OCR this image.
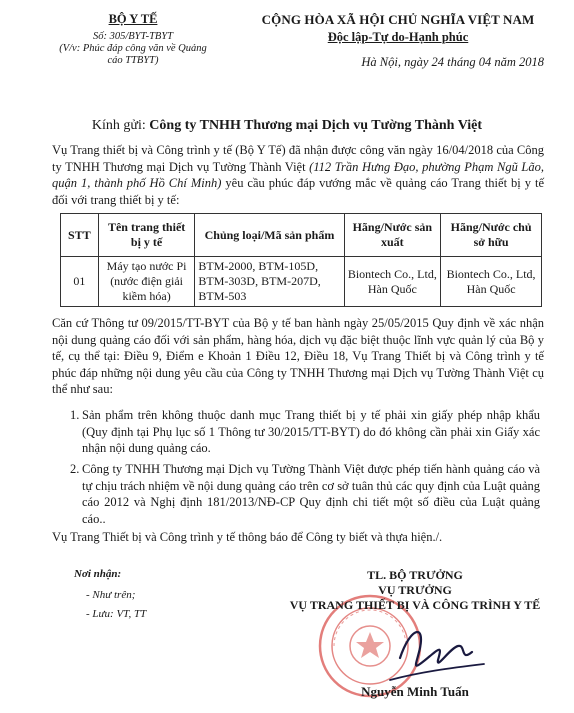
BỘ Y TẾ
Số: 305/BYT-TBYT
(V/v: Phúc đáp công văn về Quảng
cáo TTBYT)
CỘNG HÒA XÃ HỘI CHỦ NGHĨA VIỆT NAM
Độc lập-Tự do-Hạnh phúc
Hà Nội, ngày 24 tháng 04 năm 2018
Kính gửi: Công ty TNHH Thương mại Dịch vụ Tường Thành Việt
Vụ Trang thiết bị và Công trình y tế (Bộ Y Tế) đã nhận được công văn ngày 16/04/2018 của Công ty TNHH Thương mại Dịch vụ Tường Thành Việt (112 Trần Hưng Đạo, phường Phạm Ngũ Lão, quận 1, thành phố Hồ Chí Minh) yêu cầu phúc đáp vướng mắc về quảng cáo Trang thiết bị y tế đối với trang thiết bị y tế:
STT	Tên trang thiết bị y tế	Chủng loại/Mã sản phẩm	Hãng/Nước sản xuất	Hãng/Nước chủ sở hữu
01	Máy tạo nước Pi (nước điện giải kiềm hóa)	BTM-2000, BTM-105D, BTM-303D, BTM-207D, BTM-503	Biontech Co., Ltd, Hàn Quốc	Biontech Co., Ltd, Hàn Quốc
Căn cứ Thông tư 09/2015/TT-BYT của Bộ y tế ban hành ngày 25/05/2015 Quy định về xác nhận nội dung quảng cáo đối với sản phẩm, hàng hóa, dịch vụ đặc biệt thuộc lĩnh vực quản lý của Bộ y tế, cụ thể tại: Điều 9, Điểm e Khoản 1 Điều 12, Điều 18, Vụ Trang Thiết bị và Công trình y tế phúc đáp những nội dung yêu cầu của Công ty TNHH Thương mại Dịch vụ Tường Thành Việt cụ thể như sau:
1. Sản phẩm trên không thuộc danh mục Trang thiết bị y tế phải xin giấy phép nhập khẩu (Quy định tại Phụ lục số 1 Thông tư 30/2015/TT-BYT) do đó không cần phải xin Giấy xác nhận nội dung quảng cáo.
2. Công ty TNHH Thương mại Dịch vụ Tường Thành Việt được phép tiến hành quảng cáo và tự chịu trách nhiệm về nội dung quảng cáo trên cơ sở tuân thủ các quy định của Luật quảng cáo 2012 và Nghị định 181/2013/NĐ-CP Quy định chi tiết một số điều của Luật quảng cáo..
Vụ Trang Thiết bị và Công trình y tế thông báo để Công ty biết và thựa hiện./.
Nơi nhận:
- Như trên;
- Lưu: VT, TT
TL. BỘ TRƯỞNG
VỤ TRƯỞNG
VỤ TRANG THIẾT BỊ VÀ CÔNG TRÌNH Y TẾ
Nguyễn Minh Tuấn
